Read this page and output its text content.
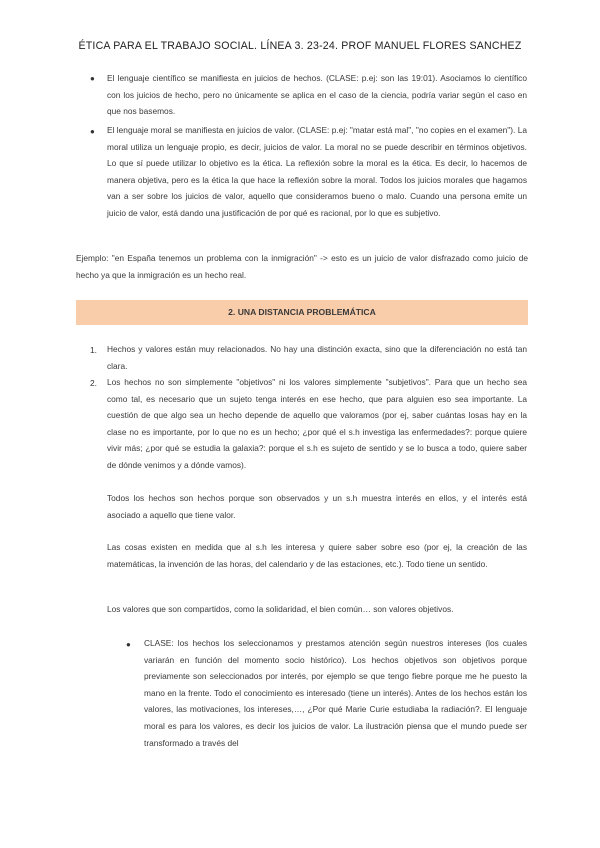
ÉTICA PARA EL TRABAJO SOCIAL. LÍNEA 3. 23-24. PROF MANUEL FLORES SANCHEZ
● El lenguaje científico se manifiesta en juicios de hechos. (CLASE: p.ej: son las 19:01). Asociamos lo científico con los juicios de hecho, pero no únicamente se aplica en el caso de la ciencia, podría variar según el caso en que nos basemos.

● El lenguaje moral se manifiesta en juicios de valor. (CLASE: p.ej: "matar está mal", "no copies en el examen"). La moral utiliza un lenguaje propio, es decir, juicios de valor. La moral no se puede describir en términos objetivos. Lo que sí puede utilizar lo objetivo es la ética. La reflexión sobre la moral es la ética. Es decir, lo hacemos de manera objetiva, pero es la ética la que hace la reflexión sobre la moral. Todos los juicios morales que hagamos van a ser sobre los juicios de valor, aquello que consideramos bueno o malo. Cuando una persona emite un juicio de valor, está dando una justificación de por qué es racional, por lo que es subjetivo.

Ejemplo: "en España tenemos un problema con la inmigración" -> esto es un juicio de valor disfrazado como juicio de hecho ya que la inmigración es un hecho real.

2. UNA DISTANCIA PROBLEMÁTICA
1. Hechos y valores están muy relacionados. No hay una distinción exacta, sino que la diferenciación no está tan clara.

2. Los hechos no son simplemente "objetivos" ni los valores simplemente "subjetivos". Para que un hecho sea como tal, es necesario que un sujeto tenga interés en ese hecho, que para alguien eso sea importante. La cuestión de que algo sea un hecho depende de aquello que valoramos (por ej, saber cuántas losas hay en la clase no es importante, por lo que no es un hecho; ¿por qué el s.h investiga las enfermedades?: porque quiere vivir más; ¿por qué se estudia la galaxia?: porque el s.h es sujeto de sentido y se lo busca a todo, quiere saber de dónde venimos y a dónde vamos).

Todos los hechos son hechos porque son observados y un s.h muestra interés en ellos, y el interés está asociado a aquello que tiene valor.

Las cosas existen en medida que al s.h les interesa y quiere saber sobre eso (por ej, la creación de las matemáticas, la invención de las horas, del calendario y de las estaciones, etc.). Todo tiene un sentido.

Los valores que son compartidos, como la solidaridad, el bien común… son valores objetivos.

● CLASE: los hechos los seleccionamos y prestamos atención según nuestros intereses (los cuales variarán en función del momento socio histórico). Los hechos objetivos son objetivos porque previamente son seleccionados por interés, por ejemplo se que tengo fiebre porque me he puesto la mano en la frente. Todo el conocimiento es interesado (tiene un interés). Antes de los hechos están los valores, las motivaciones, los intereses,…, ¿Por qué Marie Curie estudiaba la radiación?. El lenguaje moral es para los valores, es decir los juicios de valor. La ilustración piensa que el mundo puede ser transformado a través del
